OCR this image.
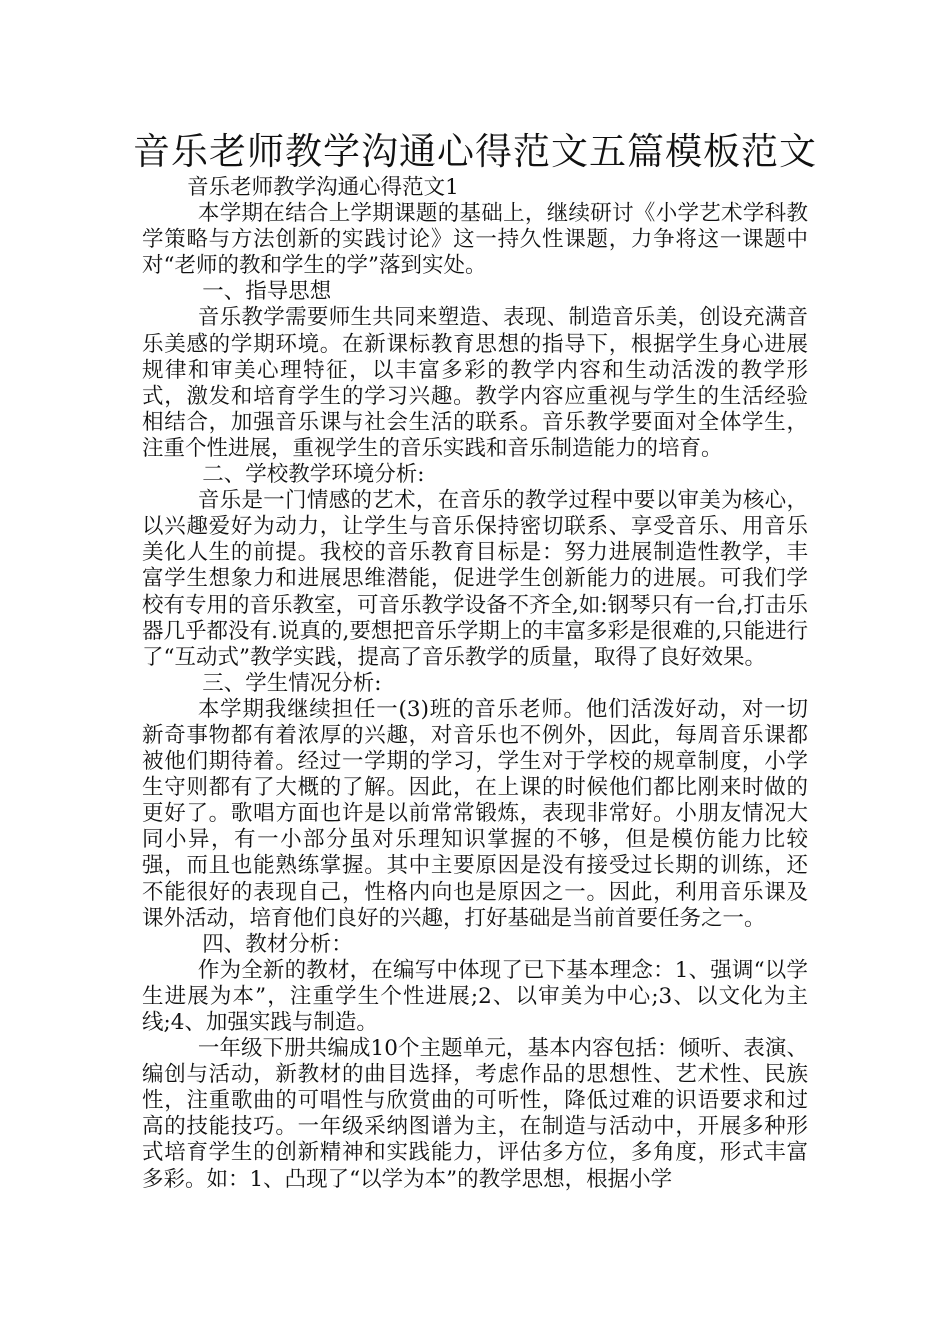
音乐老师教学沟通心得范文五篇模板范文

音乐老师教学沟通心得范文1

本学期在结合上学期课题的基础上，继续研讨《小学艺术学科教学策略与方法创新的实践讨论》这一持久性课题，力争将这一课题中对“老师的教和学生的学”落到实处。

一、指导思想

音乐教学需要师生共同来塑造、表现、制造音乐美，创设充满音乐美感的学期环境。在新课标教育思想的指导下，根据学生身心进展规律和审美心理特征，以丰富多彩的教学内容和生动活泼的教学形式，激发和培育学生的学习兴趣。教学内容应重视与学生的生活经验相结合，加强音乐课与社会生活的联系。音乐教学要面对全体学生，注重个性进展，重视学生的音乐实践和音乐制造能力的培育。

二、学校教学环境分析:

音乐是一门情感的艺术，在音乐的教学过程中要以审美为核心，以兴趣爱好为动力，让学生与音乐保持密切联系、享受音乐、用音乐美化人生的前提。我校的音乐教育目标是：努力进展制造性教学，丰富学生想象力和进展思维潜能，促进学生创新能力的进展。可我们学校有专用的音乐教室，可音乐教学设备不齐全,如:钢琴只有一台,打击乐器几乎都没有.说真的,要想把音乐学期上的丰富多彩是很难的,只能进行了“互动式”教学实践，提高了音乐教学的质量，取得了良好效果。

三、学生情况分析:

本学期我继续担任一(3)班的音乐老师。他们活泼好动，对一切新奇事物都有着浓厚的兴趣，对音乐也不例外，因此，每周音乐课都被他们期待着。经过一学期的学习，学生对于学校的规章制度，小学生守则都有了大概的了解。因此，在上课的时候他们都比刚来时做的更好了。歌唱方面也许是以前常常锻炼，表现非常好。小朋友情况大同小异，有一小部分虽对乐理知识掌握的不够，但是模仿能力比较强，而且也能熟练掌握。其中主要原因是没有接受过长期的训练，还不能很好的表现自己，性格内向也是原因之一。因此，利用音乐课及课外活动，培育他们良好的兴趣，打好基础是当前首要任务之一。

四、教材分析：

作为全新的教材，在编写中体现了已下基本理念：1、强调“以学生进展为本”，注重学生个性进展;2、以审美为中心;3、以文化为主线;4、加强实践与制造。

一年级下册共编成10个主题单元，基本内容包括：倾听、表演、编创与活动，新教材的曲目选择，考虑作品的思想性、艺术性、民族性，注重歌曲的可唱性与欣赏曲的可听性，降低过难的识语要求和过高的技能技巧。一年级采纳图谱为主，在制造与活动中，开展多种形式培育学生的创新精神和实践能力，评估多方位，多角度，形式丰富多彩。如：1、凸现了“以学为本”的教学思想，根据小学
